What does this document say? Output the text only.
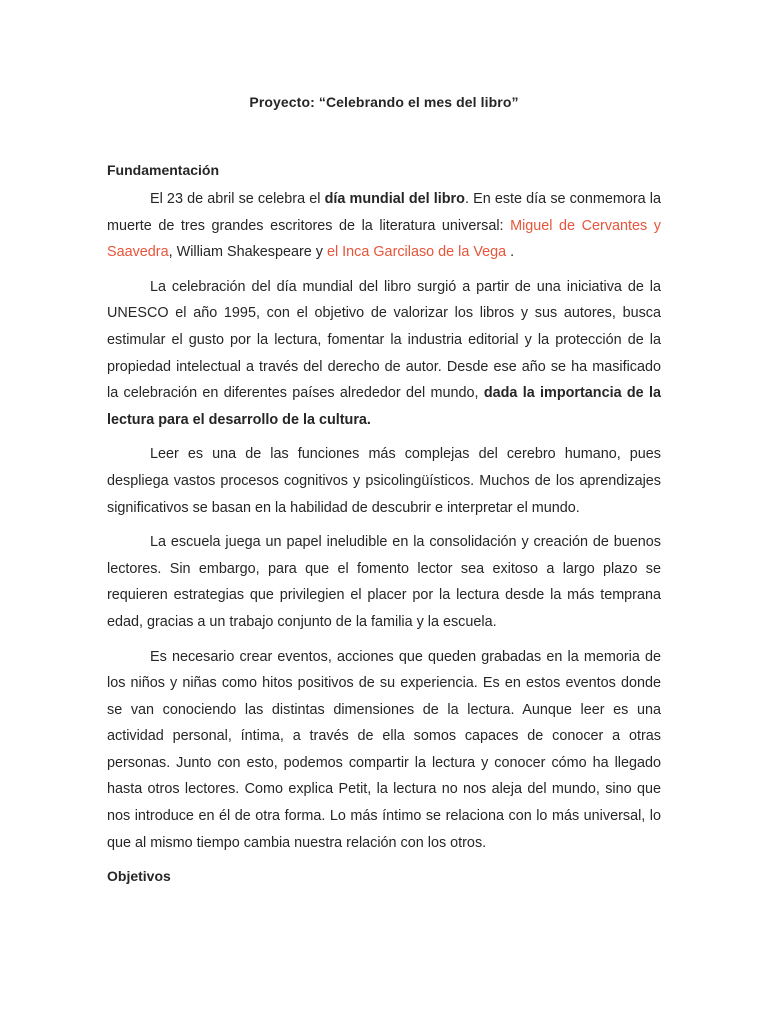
Proyecto: “Celebrando el mes del libro”
Fundamentación

El 23 de abril se celebra el día mundial del libro. En este día se conmemora la muerte de tres grandes escritores de la literatura universal: Miguel de Cervantes y Saavedra, William Shakespeare y el Inca Garcilaso de la Vega .

La celebración del día mundial del libro surgió a partir de una iniciativa de la UNESCO el año 1995, con el objetivo de valorizar los libros y sus autores, busca estimular el gusto por la lectura, fomentar la industria editorial y la protección de la propiedad intelectual a través del derecho de autor. Desde ese año se ha masificado la celebración en diferentes países alrededor del mundo, dada la importancia de la lectura para el desarrollo de la cultura.

Leer es una de las funciones más complejas del cerebro humano, pues despliega vastos procesos cognitivos y psicolingüísticos. Muchos de los aprendizajes significativos se basan en la habilidad de descubrir e interpretar el mundo.

La escuela juega un papel ineludible en la consolidación y creación de buenos lectores. Sin embargo, para que el fomento lector sea exitoso a largo plazo se requieren estrategias que privilegien el placer por la lectura desde la más temprana edad, gracias a un trabajo conjunto de la familia y la escuela.

Es necesario crear eventos, acciones que queden grabadas en la memoria de los niños y niñas como hitos positivos de su experiencia. Es en estos eventos donde se van conociendo las distintas dimensiones de la lectura. Aunque leer es una actividad personal, íntima, a través de ella somos capaces de conocer a otras personas. Junto con esto, podemos compartir la lectura y conocer cómo ha llegado hasta otros lectores. Como explica Petit, la lectura no nos aleja del mundo, sino que nos introduce en él de otra forma. Lo más íntimo se relaciona con lo más universal, lo que al mismo tiempo cambia nuestra relación con los otros.

Objetivos
